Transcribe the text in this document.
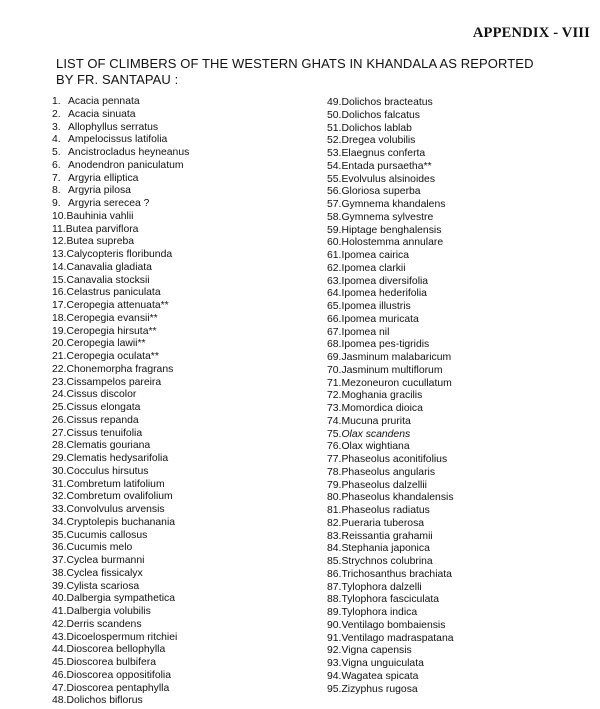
APPENDIX - VIII
LIST OF CLIMBERS OF THE WESTERN GHATS IN KHANDALA AS REPORTED
BY FR. SANTAPAU :
1. Acacia pennata
2. Acacia sinuata
3. Allophyllus serratus
4. Ampelocissus latifolia
5. Ancistrocladus heyneanus
6. Anodendron paniculatum
7. Argyria elliptica
8. Argyria pilosa
9. Argyria serecea ?
10.Bauhinia vahlii
11.Butea parviflora
12.Butea supreba
13.Calycopteris floribunda
14.Canavalia gladiata
15.Canavalia stocksii
16.Celastrus paniculata
17.Ceropegia attenuata**
18.Ceropegia evansii**
19.Ceropegia hirsuta**
20.Ceropegia lawii**
21.Ceropegia oculata**
22.Chonemorpha fragrans
23.Cissampelos pareira
24.Cissus discolor
25.Cissus elongata
26.Cissus repanda
27.Cissus tenuifolia
28.Clematis gouriana
29.Clematis hedysarifolia
30.Cocculus hirsutus
31.Combretum latifolium
32.Combretum ovalifolium
33.Convolvulus arvensis
34.Cryptolepis buchanania
35.Cucumis callosus
36.Cucumis melo
37.Cyclea burmanni
38.Cyclea fissicalyx
39.Cylista scariosa
40.Dalbergia sympathetica
41.Dalbergia volubilis
42.Derris scandens
43.Dicoelospermum ritchiei
44.Dioscorea bellophylla
45.Dioscorea bulbifera
46.Dioscorea oppositifolia
47.Dioscorea pentaphylla
48.Dolichos biflorus
49.Dolichos bracteatus
50.Dolichos falcatus
51.Dolichos lablab
52.Dregea volubilis
53.Elaegnus conferta
54.Entada pursaetha**
55.Evolvulus alsinoides
56.Gloriosa superba
57.Gymnema khandalens
58.Gymnema sylvestre
59.Hiptage benghalensis
60.Holostemma annulare
61.Ipomea cairica
62.Ipomea clarkii
63.Ipomea diversifolia
64.Ipomea hederifolia
65.Ipomea illustris
66.Ipomea muricata
67.Ipomea nil
68.Ipomea pes-tigridis
69.Jasminum malabaricum
70.Jasminum multiflorum
71.Mezoneuron cucullatum
72.Moghania gracilis
73.Momordica dioica
74.Mucuna prurita
75.Olax scandens
76.Olax wightiana
77.Phaseolus aconitifolius
78.Phaseolus angularis
79.Phaseolus dalzellii
80.Phaseolus khandalensis
81.Phaseolus radiatus
82.Pueraria tuberosa
83.Reissantia grahamii
84.Stephania japonica
85.Strychnos colubrina
86.Trichosanthus brachiata
87.Tylophora dalzelli
88.Tylophora fasciculata
89.Tylophora indica
90.Ventilago bombaiensis
91.Ventilago madraspatana
92.Vigna capensis
93.Vigna unguiculata
94.Wagatea spicata
95.Zizyphus rugosa
